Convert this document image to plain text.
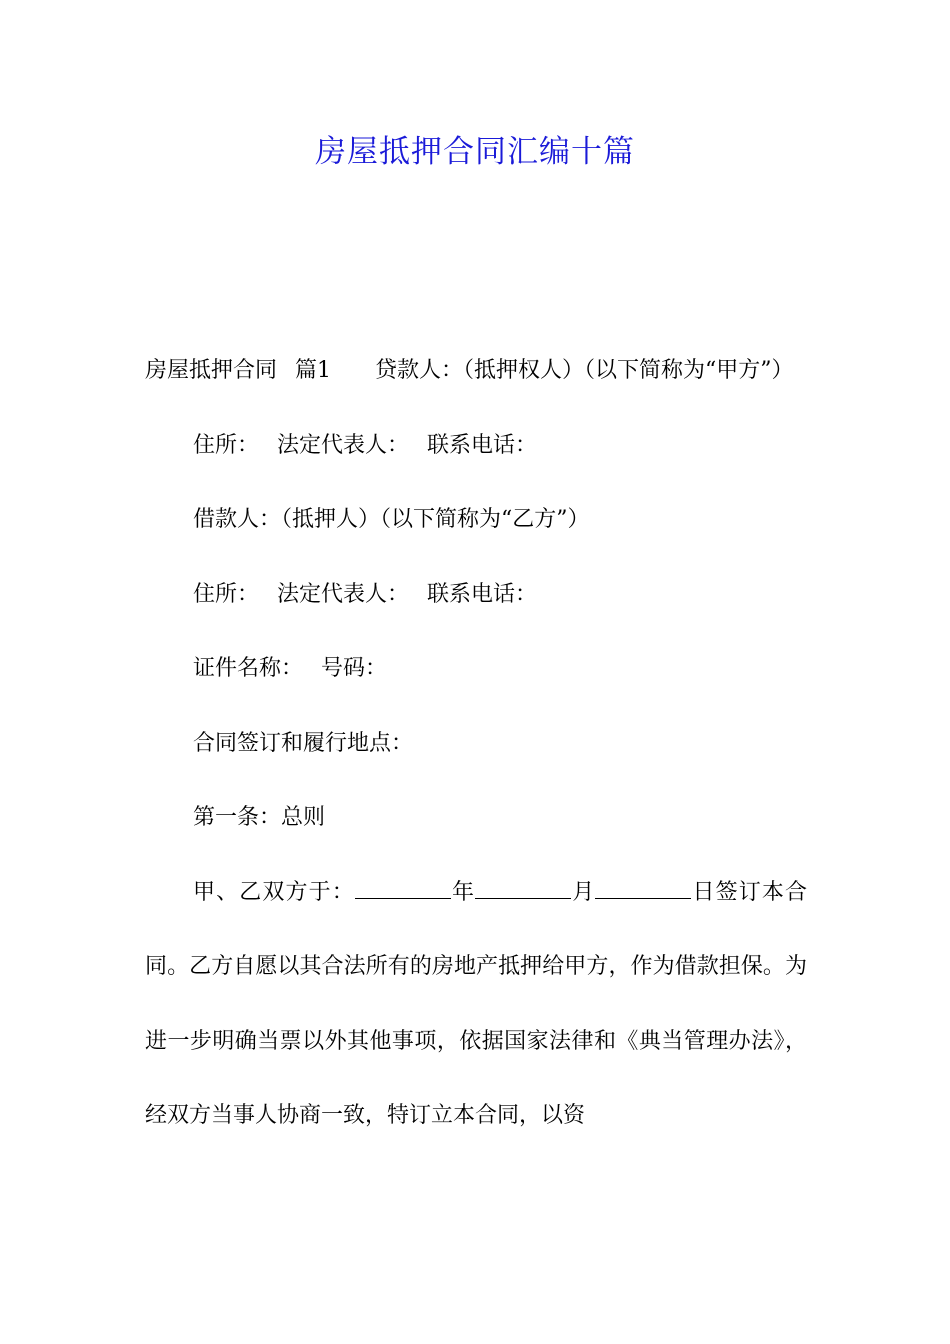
房屋抵押合同汇编十篇

房屋抵押合同 篇1 贷款人：（抵押权人）（以下简称为“甲方”）

住所： 法定代表人： 联系电话：

借款人：（抵押人）（以下简称为“乙方”）

住所： 法定代表人： 联系电话：

证件名称： 号码：

合同签订和履行地点：

第一条：总则

甲、乙双方于：	年	月	日签订本合同。乙方自愿以其合法所有的房地产抵押给甲方，作为借款担保。为进一步明确当票以外其他事项，依据国家法律和《典当管理办法》，经双方当事人协商一致，特订立本合同，以资
